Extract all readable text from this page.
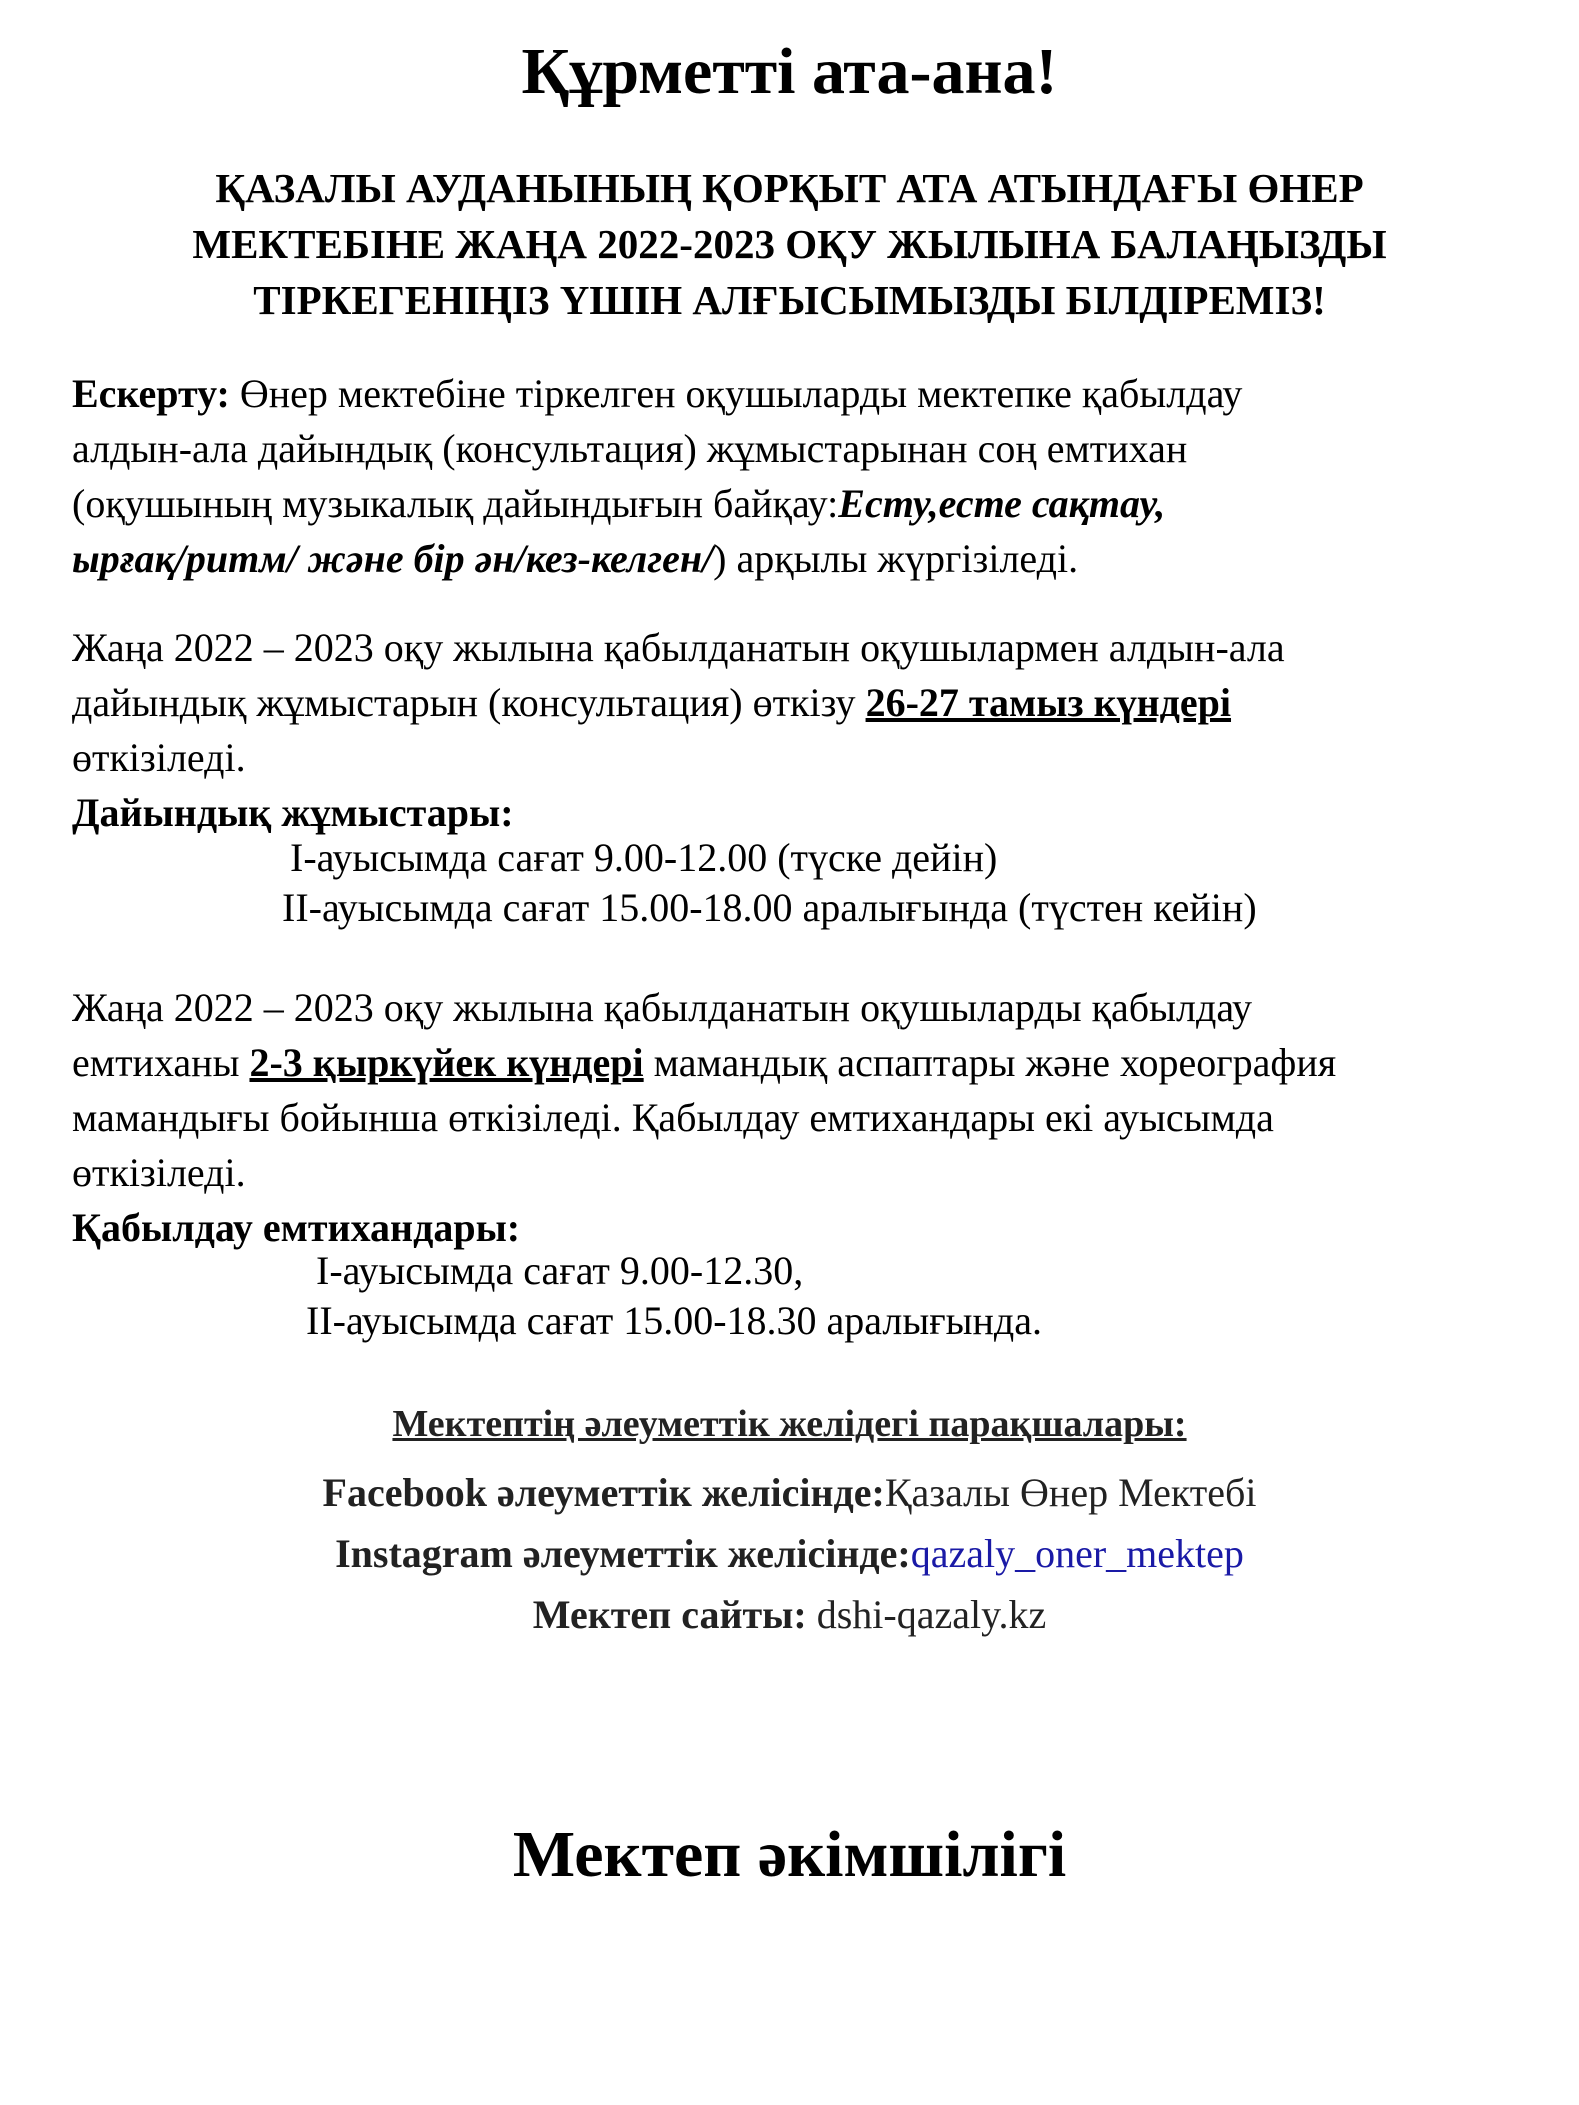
Құрметті ата-ана!
ҚАЗАЛЫ АУДАНЫНЫҢ ҚОРҚЫТ АТА АТЫНДАҒЫ ӨНЕР
МЕКТЕБІНЕ ЖАҢА 2022-2023 ОҚУ ЖЫЛЫНА БАЛАҢЫЗДЫ
ТІРКЕГЕНІҢІЗ ҮШІН АЛҒЫСЫМЫЗДЫ БІЛДІРЕМІЗ!
Ескерту: Өнер мектебіне тіркелген оқушыларды мектепке қабылдау
алдын-ала дайындық (консультация) жұмыстарынан соң емтихан
(оқушының музыкалық дайындығын байқау:Есту,есте сақтау,
ырғақ/ритм/ және бір ән/кез-келген/) арқылы жүргізіледі.
Жаңа 2022 – 2023 оқу жылына қабылданатын оқушылармен алдын-ала
дайындық жұмыстарын (консультация) өткізу 26-27 тамыз күндері
өткізіледі.
Дайындық жұмыстары:
І-ауысымда сағат 9.00-12.00 (түске дейін)
ІІ-ауысымда сағат 15.00-18.00 аралығында (түстен кейін)
Жаңа 2022 – 2023 оқу жылына қабылданатын оқушыларды қабылдау
емтиханы 2-3 қыркүйек күндері мамандық аспаптары және хореография
мамандығы бойынша өткізіледі. Қабылдау емтихандары екі ауысымда
өткізіледі.
Қабылдау емтихандары:
І-ауысымда сағат 9.00-12.30,
ІІ-ауысымда сағат 15.00-18.30 аралығында.
Мектептің әлеуметтік желідегі парақшалары:
Facebook әлеуметтік желісінде:Қазалы Өнер Мектебі
Instagram әлеуметтік желісінде:qazaly_oner_mektep
Мектеп сайты: dshi-qazaly.kz
Мектеп әкімшілігі
